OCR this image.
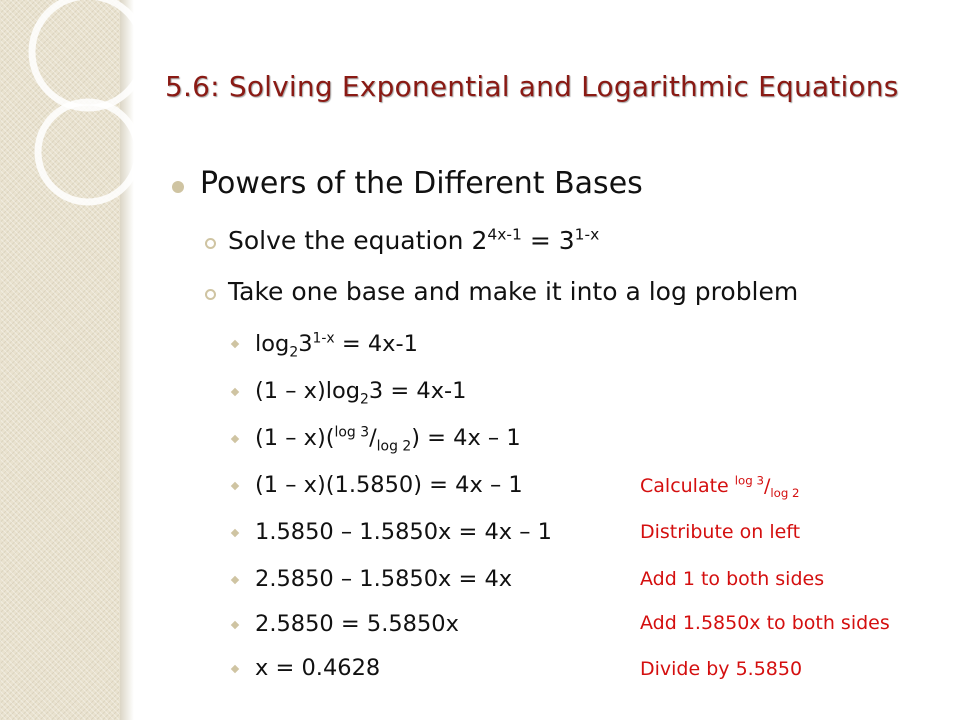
5.6: Solving Exponential and Logarithmic Equations
Powers of the Different Bases
Solve the equation $2^{4x-1} = 3^{1-x}$
Take one base and make it into a log problem
$\log_23^{1-x} = 4x-1$
$(1 - x)\log_23 = 4x-1$
$(1 - x)(^{log 3}/_{log 2}) = 4x - 1$
(1 – x)(1.5850) = 4x – 1	Calculate $^{log 3}/_{log 2}$
1.5850 – 1.5850x = 4x – 1	Distribute on left
2.5850 – 1.5850x = 4x	Add 1 to both sides
2.5850 = 5.5850x	Add 1.5850x to both sides
x = 0.4628	Divide by 5.5850
